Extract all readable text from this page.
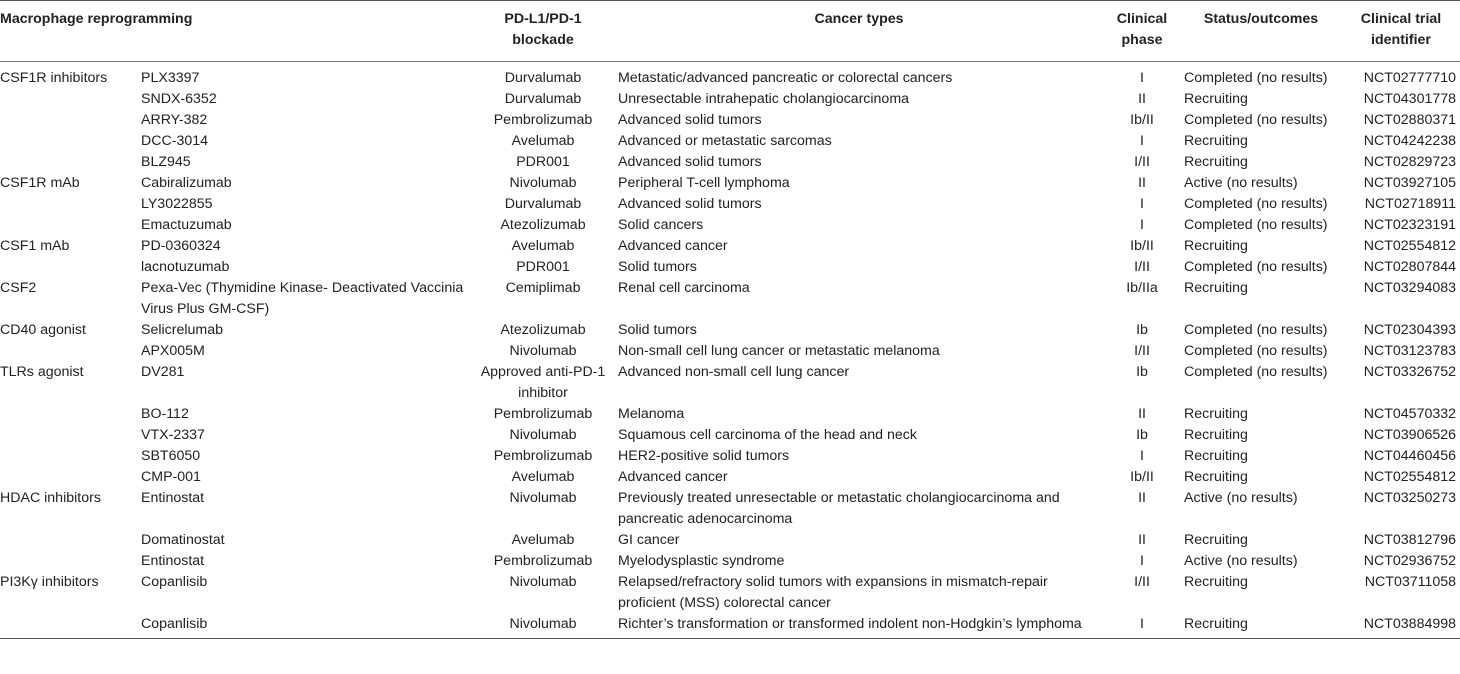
Macrophage reprogramming		PD-L1/PD-1 blockade	Cancer types	Clinical phase	Status/outcomes	Clinical trial identifier

CSF1R inhibitors	PLX3397	Durvalumab	Metastatic/advanced pancreatic or colorectal cancers	I	Completed (no results)	NCT02777710
	SNDX-6352	Durvalumab	Unresectable intrahepatic cholangiocarcinoma	II	Recruiting	NCT04301778
	ARRY-382	Pembrolizumab	Advanced solid tumors	Ib/II	Completed (no results)	NCT02880371
	DCC-3014	Avelumab	Advanced or metastatic sarcomas	I	Recruiting	NCT04242238
	BLZ945	PDR001	Advanced solid tumors	I/II	Recruiting	NCT02829723
CSF1R mAb	Cabiralizumab	Nivolumab	Peripheral T-cell lymphoma	II	Active (no results)	NCT03927105
	LY3022855	Durvalumab	Advanced solid tumors	I	Completed (no results)	NCT02718911
	Emactuzumab	Atezolizumab	Solid cancers	I	Completed (no results)	NCT02323191
CSF1 mAb	PD-0360324	Avelumab	Advanced cancer	Ib/II	Recruiting	NCT02554812
	lacnotuzumab	PDR001	Solid tumors	I/II	Completed (no results)	NCT02807844
CSF2	Pexa-Vec (Thymidine Kinase- Deactivated Vaccinia Virus Plus GM-CSF)	Cemiplimab	Renal cell carcinoma	Ib/IIa	Recruiting	NCT03294083
CD40 agonist	Selicrelumab	Atezolizumab	Solid tumors	Ib	Completed (no results)	NCT02304393
	APX005M	Nivolumab	Non-small cell lung cancer or metastatic melanoma	I/II	Completed (no results)	NCT03123783
TLRs agonist	DV281	Approved anti-PD-1 inhibitor	Advanced non-small cell lung cancer	Ib	Completed (no results)	NCT03326752
	BO-112	Pembrolizumab	Melanoma	II	Recruiting	NCT04570332
	VTX-2337	Nivolumab	Squamous cell carcinoma of the head and neck	Ib	Recruiting	NCT03906526
	SBT6050	Pembrolizumab	HER2-positive solid tumors	I	Recruiting	NCT04460456
	CMP-001	Avelumab	Advanced cancer	Ib/II	Recruiting	NCT02554812
HDAC inhibitors	Entinostat	Nivolumab	Previously treated unresectable or metastatic cholangiocarcinoma and pancreatic adenocarcinoma	II	Active (no results)	NCT03250273
	Domatinostat	Avelumab	GI cancer	II	Recruiting	NCT03812796
	Entinostat	Pembrolizumab	Myelodysplastic syndrome	I	Active (no results)	NCT02936752
PI3Kγ inhibitors	Copanlisib	Nivolumab	Relapsed/refractory solid tumors with expansions in mismatch-repair proficient (MSS) colorectal cancer	I/II	Recruiting	NCT03711058
	Copanlisib	Nivolumab	Richter’s transformation or transformed indolent non-Hodgkin’s lymphoma	I	Recruiting	NCT03884998
